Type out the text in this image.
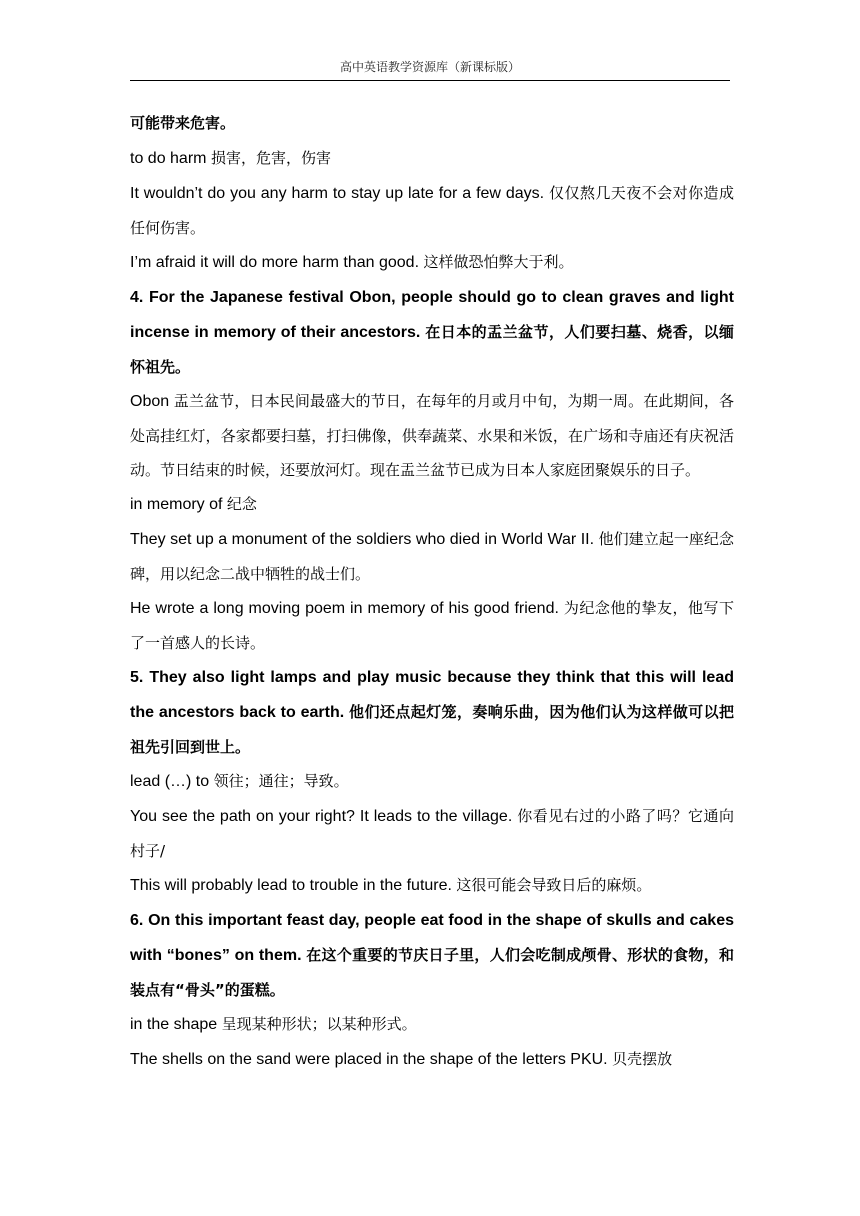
高中英语教学资源库（新课标版）

可能带来危害。

to do harm 损害，危害，伤害

It wouldn’t do you any harm to stay up late for a few days. 仅仅熬几天夜不会对你造成任何伤害。

I’m afraid it will do more harm than good. 这样做恐怕弊大于利。

4. For the Japanese festival Obon, people should go to clean graves and light incense in memory of their ancestors. 在日本的盂兰盆节，人们要扫墓、烧香，以缅怀祖先。

Obon 盂兰盆节，日本民间最盛大的节日，在每年的月或月中旬，为期一周。在此期间，各处高挂红灯，各家都要扫墓，打扫佛像，供奉蔬菜、水果和米饭，在广场和寺庙还有庆祝活动。节日结束的时候，还要放河灯。现在盂兰盆节已成为日本人家庭团聚娱乐的日子。

in memory of 纪念

They set up a monument of the soldiers who died in World War II. 他们建立起一座纪念碑，用以纪念二战中牺牲的战士们。

He wrote a long moving poem in memory of his good friend. 为纪念他的挚友，他写下了一首感人的长诗。

5. They also light lamps and play music because they think that this will lead the ancestors back to earth. 他们还点起灯笼，奏响乐曲，因为他们认为这样做可以把祖先引回到世上。

lead (…) to 领往；通往；导致。

You see the path on your right? It leads to the village. 你看见右过的小路了吗？它通向村子/

This will probably lead to trouble in the future. 这很可能会导致日后的麻烦。

6. On this important feast day, people eat food in the shape of skulls and cakes with “bones” on them. 在这个重要的节庆日子里，人们会吃制成颅骨、形状的食物，和装点有“骨头”的蛋糕。

in the shape 呈现某种形状；以某种形式。

The shells on the sand were placed in the shape of the letters PKU. 贝壳摆放
